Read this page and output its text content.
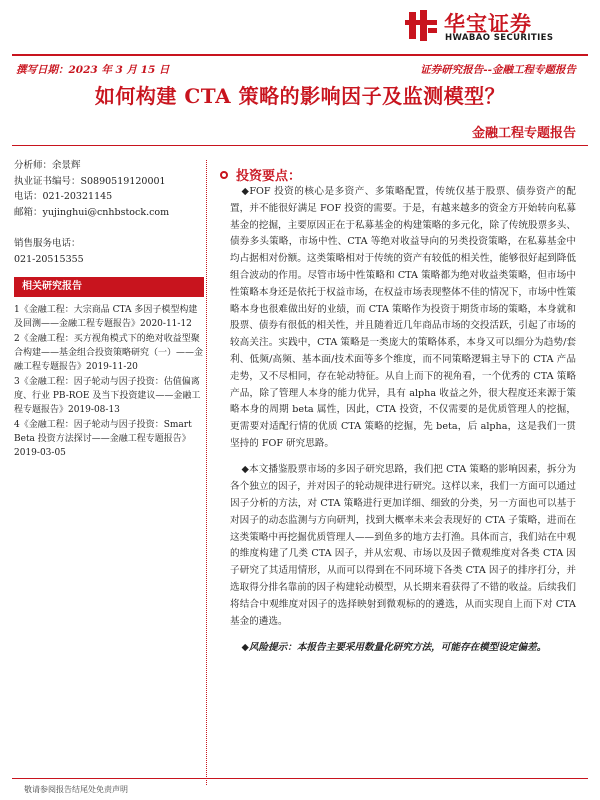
华宝证券
HWABAO SECURITIES
撰写日期：2023 年 3 月 15 日	证券研究报告--金融工程专题报告
如何构建 CTA 策略的影响因子及监测模型？
金融工程专题报告
分析师：余景辉
执业证书编号：S0890519120001
电话：021-20321145
邮箱：yujinghui@cnhbstock.com
销售服务电话：
021-20515355
相关研究报告
1《金融工程：大宗商品 CTA 多因子模型构建及回测——金融工程专题报告》2020-11-12
2《金融工程：买方视角模式下的绝对收益型聚合构建——基金组合投资策略研究（一）——金融工程专题报告》2019-11-20
3《金融工程：因子轮动与因子投资：估值偏离度、行业 PB-ROE 及当下投资建议——金融工程专题报告》2019-08-13
4《金融工程：因子轮动与因子投资：Smart Beta 投资方法探讨——金融工程专题报告》2019-03-05
投资要点：

◆FOF 投资的核心是多资产、多策略配置，传统仅基于股票、债券资产的配置，并不能很好满足 FOF 投资的需要。于是，有越来越多的资金方开始转向私募基金的挖掘，主要原因正在于私募基金的构建策略的多元化，除了传统股票多头、债券多头策略，市场中性、CTA 等绝对收益导向的另类投资策略，在私募基金中均占据相对份额。这类策略相对于传统的资产有较低的相关性，能够很好起到降低组合波动的作用。尽管市场中性策略和 CTA 策略都为绝对收益类策略，但市场中性策略本身还是依托于权益市场，在权益市场表现整体不佳的情况下，市场中性策略本身也很难做出好的业绩，而 CTA 策略作为投资于期货市场的策略，本身就和股票、债券有很低的相关性，并且随着近几年商品市场的交投活跃，引起了市场的较高关注。实践中，CTA 策略是一类庞大的策略体系，本身又可以细分为趋势/套利、低频/高频、基本面/技术面等多个维度，而不同策略逻辑主导下的 CTA 产品走势，又不尽相同，存在轮动特征。从自上而下的视角看，一个优秀的 CTA 策略产品，除了管理人本身的能力优异，具有 alpha 收益之外，很大程度还来源于策略本身的周期 beta 属性，因此，CTA 投资，不仅需要的是优质管理人的挖掘，更需要对适配行情的优质 CTA 策略的挖掘，先 beta，后 alpha，这是我们一贯坚持的 FOF 研究思路。

◆本文播鉴股票市场的多因子研究思路，我们把 CTA 策略的影响因素，拆分为各个独立的因子，并对因子的轮动规律进行研究。这样以来，我们一方面可以通过因子分析的方法，对 CTA 策略进行更加详细、细致的分类，另一方面也可以基于对因子的动态监测与方向研判，找到大概率未来会表现好的 CTA 子策略，进而在这类策略中再挖掘优质管理人——到鱼多的地方去打渔。具体而言，我们站在中观的维度构建了几类 CTA 因子，并从宏观、市场以及因子微观维度对各类 CTA 因子研究了其适用情形，从而可以得到在不同环境下各类 CTA 因子的排序打分，并选取得分排名靠前的因子构建轮动模型，从长期来看获得了不错的收益。后续我们将结合中观维度对因子的选择映射到微观标的的遴选，从而实现自上而下对 CTA 基金的遴选。

◆风险提示：本报告主要采用数量化研究方法，可能存在模型设定偏差。

敬请参阅报告结尾处免责声明
